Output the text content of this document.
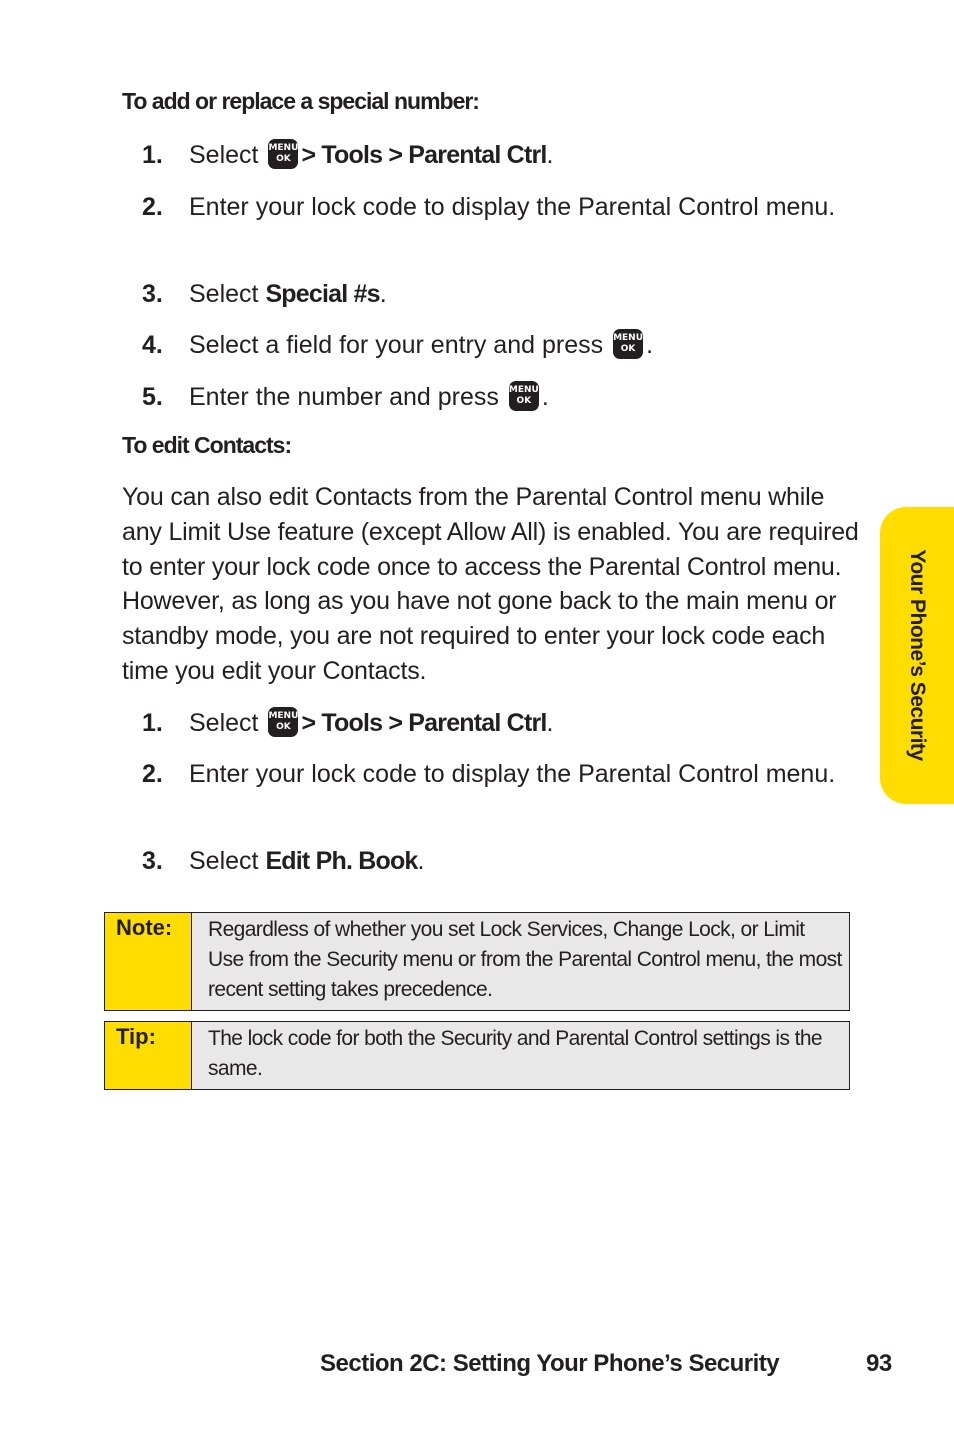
To add or replace a special number:
1. Select MENU
OK > Tools > Parental Ctrl.
2. Enter your lock code to display the Parental Control menu.
3. Select Special #s.
4. Select a field for your entry and press MENU
OK .
5. Enter the number and press MENU
OK .
To edit Contacts:
You can also edit Contacts from the Parental Control menu while any Limit Use feature (except Allow All) is enabled. You are required to enter your lock code once to access the Parental Control menu. However, as long as you have not gone back to the main menu or standby mode, you are not required to enter your lock code each time you edit your Contacts.
1. Select MENU
OK > Tools > Parental Ctrl.
2. Enter your lock code to display the Parental Control menu.
3. Select Edit Ph. Book.
Note: Regardless of whether you set Lock Services, Change Lock, or Limit Use from the Security menu or from the Parental Control menu, the most recent setting takes precedence.
Tip: The lock code for both the Security and Parental Control settings is the same.
Your Phone’s Security
Section 2C: Setting Your Phone’s Security	93
